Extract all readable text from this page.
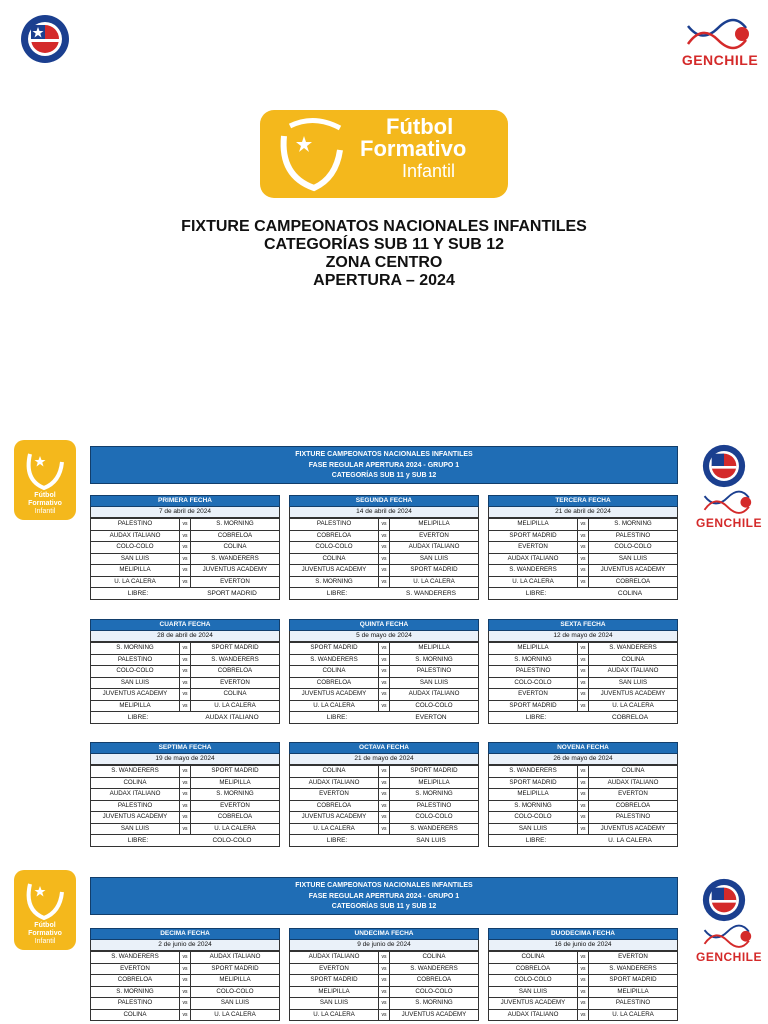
GENCHILE
Fútbol
Formativo
Infantil
FIXTURE CAMPEONATOS NACIONALES INFANTILES
CATEGORÍAS SUB 11 Y SUB 12
ZONA CENTRO
APERTURA – 2024
Fútbol
Formativo
Infantil
GENCHILE
Fútbol
Formativo
Infantil
GENCHILE
FIXTURE CAMPEONATOS NACIONALES INFANTILES
FASE REGULAR APERTURA 2024 - GRUPO 1
CATEGORÍAS SUB 11 y SUB 12
FIXTURE CAMPEONATOS NACIONALES INFANTILES
FASE REGULAR APERTURA 2024 - GRUPO 1
CATEGORÍAS SUB 11 y SUB 12
PRIMERA FECHA
7 de abril de 2024
PALESTINO	vs	S. MORNING
AUDAX ITALIANO	vs	COBRELOA
COLO-COLO	vs	COLINA
SAN LUIS	vs	S. WANDERERS
MELIPILLA	vs	JUVENTUS ACADEMY
U. LA CALERA	vs	EVERTON
LIBRE:	SPORT MADRID
SEGUNDA FECHA
14 de abril de 2024
PALESTINO	vs	MELIPILLA
COBRELOA	vs	EVERTON
COLO-COLO	vs	AUDAX ITALIANO
COLINA	vs	SAN LUIS
JUVENTUS ACADEMY	vs	SPORT MADRID
S. MORNING	vs	U. LA CALERA
LIBRE:	S. WANDERERS
TERCERA FECHA
21 de abril de 2024
MELIPILLA	vs	S. MORNING
SPORT MADRID	vs	PALESTINO
EVERTON	vs	COLO-COLO
AUDAX ITALIANO	vs	SAN LUIS
S. WANDERERS	vs	JUVENTUS ACADEMY
U. LA CALERA	vs	COBRELOA
LIBRE:	COLINA
CUARTA FECHA
28 de abril de 2024
S. MORNING	vs	SPORT MADRID
PALESTINO	vs	S. WANDERERS
COLO-COLO	vs	COBRELOA
SAN LUIS	vs	EVERTON
JUVENTUS ACADEMY	vs	COLINA
MELIPILLA	vs	U. LA CALERA
LIBRE:	AUDAX ITALIANO
QUINTA FECHA
5 de mayo de 2024
SPORT MADRID	vs	MELIPILLA
S. WANDERERS	vs	S. MORNING
COLINA	vs	PALESTINO
COBRELOA	vs	SAN LUIS
JUVENTUS ACADEMY	vs	AUDAX ITALIANO
U. LA CALERA	vs	COLO-COLO
LIBRE:	EVERTON
SEXTA FECHA
12 de mayo de 2024
MELIPILLA	vs	S. WANDERERS
S. MORNING	vs	COLINA
PALESTINO	vs	AUDAX ITALIANO
COLO-COLO	vs	SAN LUIS
EVERTON	vs	JUVENTUS ACADEMY
SPORT MADRID	vs	U. LA CALERA
LIBRE:	COBRELOA
SEPTIMA FECHA
19 de mayo de 2024
S. WANDERERS	vs	SPORT MADRID
COLINA	vs	MELIPILLA
AUDAX ITALIANO	vs	S. MORNING
PALESTINO	vs	EVERTON
JUVENTUS ACADEMY	vs	COBRELOA
SAN LUIS	vs	U. LA CALERA
LIBRE:	COLO-COLO
OCTAVA FECHA
21 de mayo de 2024
COLINA	vs	SPORT MADRID
AUDAX ITALIANO	vs	MELIPILLA
EVERTON	vs	S. MORNING
COBRELOA	vs	PALESTINO
JUVENTUS ACADEMY	vs	COLO-COLO
U. LA CALERA	vs	S. WANDERERS
LIBRE:	SAN LUIS
NOVENA FECHA
26 de mayo de 2024
S. WANDERERS	vs	COLINA
SPORT MADRID	vs	AUDAX ITALIANO
MELIPILLA	vs	EVERTON
S. MORNING	vs	COBRELOA
COLO-COLO	vs	PALESTINO
SAN LUIS	vs	JUVENTUS ACADEMY
LIBRE:	U. LA CALERA
DECIMA FECHA
2 de junio de 2024
S. WANDERERS	vs	AUDAX ITALIANO
EVERTON	vs	SPORT MADRID
COBRELOA	vs	MELIPILLA
S. MORNING	vs	COLO-COLO
PALESTINO	vs	SAN LUIS
COLINA	vs	U. LA CALERA
UNDECIMA FECHA
9 de junio de 2024
AUDAX ITALIANO	vs	COLINA
EVERTON	vs	S. WANDERERS
SPORT MADRID	vs	COBRELOA
MELIPILLA	vs	COLO-COLO
SAN LUIS	vs	S. MORNING
U. LA CALERA	vs	JUVENTUS ACADEMY
DUODECIMA FECHA
16 de junio de 2024
COLINA	vs	EVERTON
COBRELOA	vs	S. WANDERERS
COLO-COLO	vs	SPORT MADRID
SAN LUIS	vs	MELIPILLA
JUVENTUS ACADEMY	vs	PALESTINO
AUDAX ITALIANO	vs	U. LA CALERA
